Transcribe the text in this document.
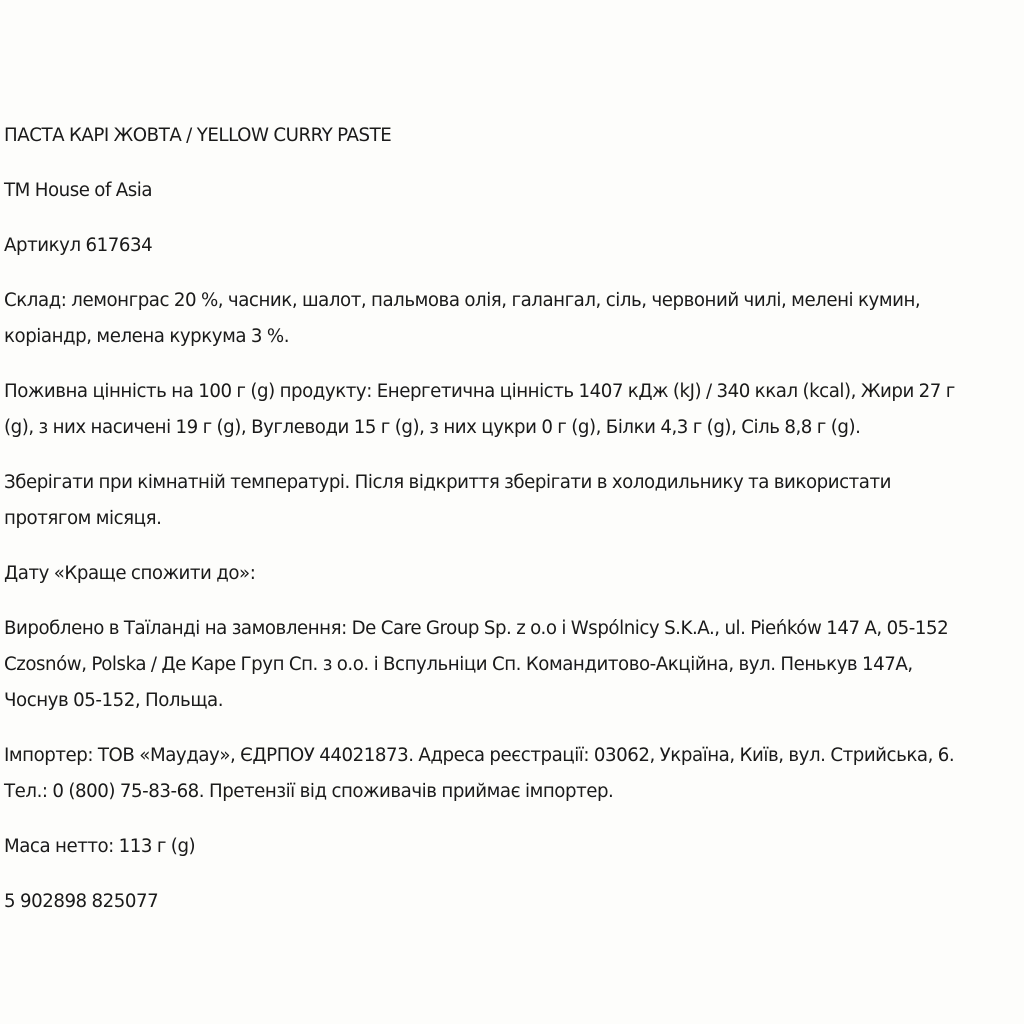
ПАСТА КАРІ ЖОВТА / YELLOW CURRY PASTE

ТМ House of Asia

Артикул 617634

Склад: лемонграс 20 %, часник, шалот, пальмова олія, галангал, сіль, червоний чилі, мелені кумин,
коріандр, мелена куркума 3 %.

Поживна цінність на 100 г (g) продукту: Енергетична цінність 1407 кДж (kJ) / 340 ккал (kcal), Жири 27 г
(g), з них насичені 19 г (g), Вуглеводи 15 г (g), з них цукри 0 г (g), Білки 4,3 г (g), Сіль 8,8 г (g).

Зберігати при кімнатній температурі. Після відкриття зберігати в холодильнику та використати
протягом місяця.

Дату «Краще спожити до»:

Вироблено в Таїланді на замовлення: De Care Group Sp. z o.o i Wspólnicy S.K.A., ul. Pieńków 147 A, 05-152
Czosnów, Polska / Де Каре Груп Сп. з о.о. і Вспульніци Сп. Командитово-Акційна, вул. Пенькув 147А,
Чоснув 05-152, Польща.

Імпортер: ТОВ «Маудау», ЄДРПОУ 44021873. Адреса реєстрації: 03062, Україна, Київ, вул. Стрийська, 6.
Тел.: 0 (800) 75-83-68. Претензії від споживачів приймає імпортер.

Маса нетто: 113 г (g)

5 902898 825077
